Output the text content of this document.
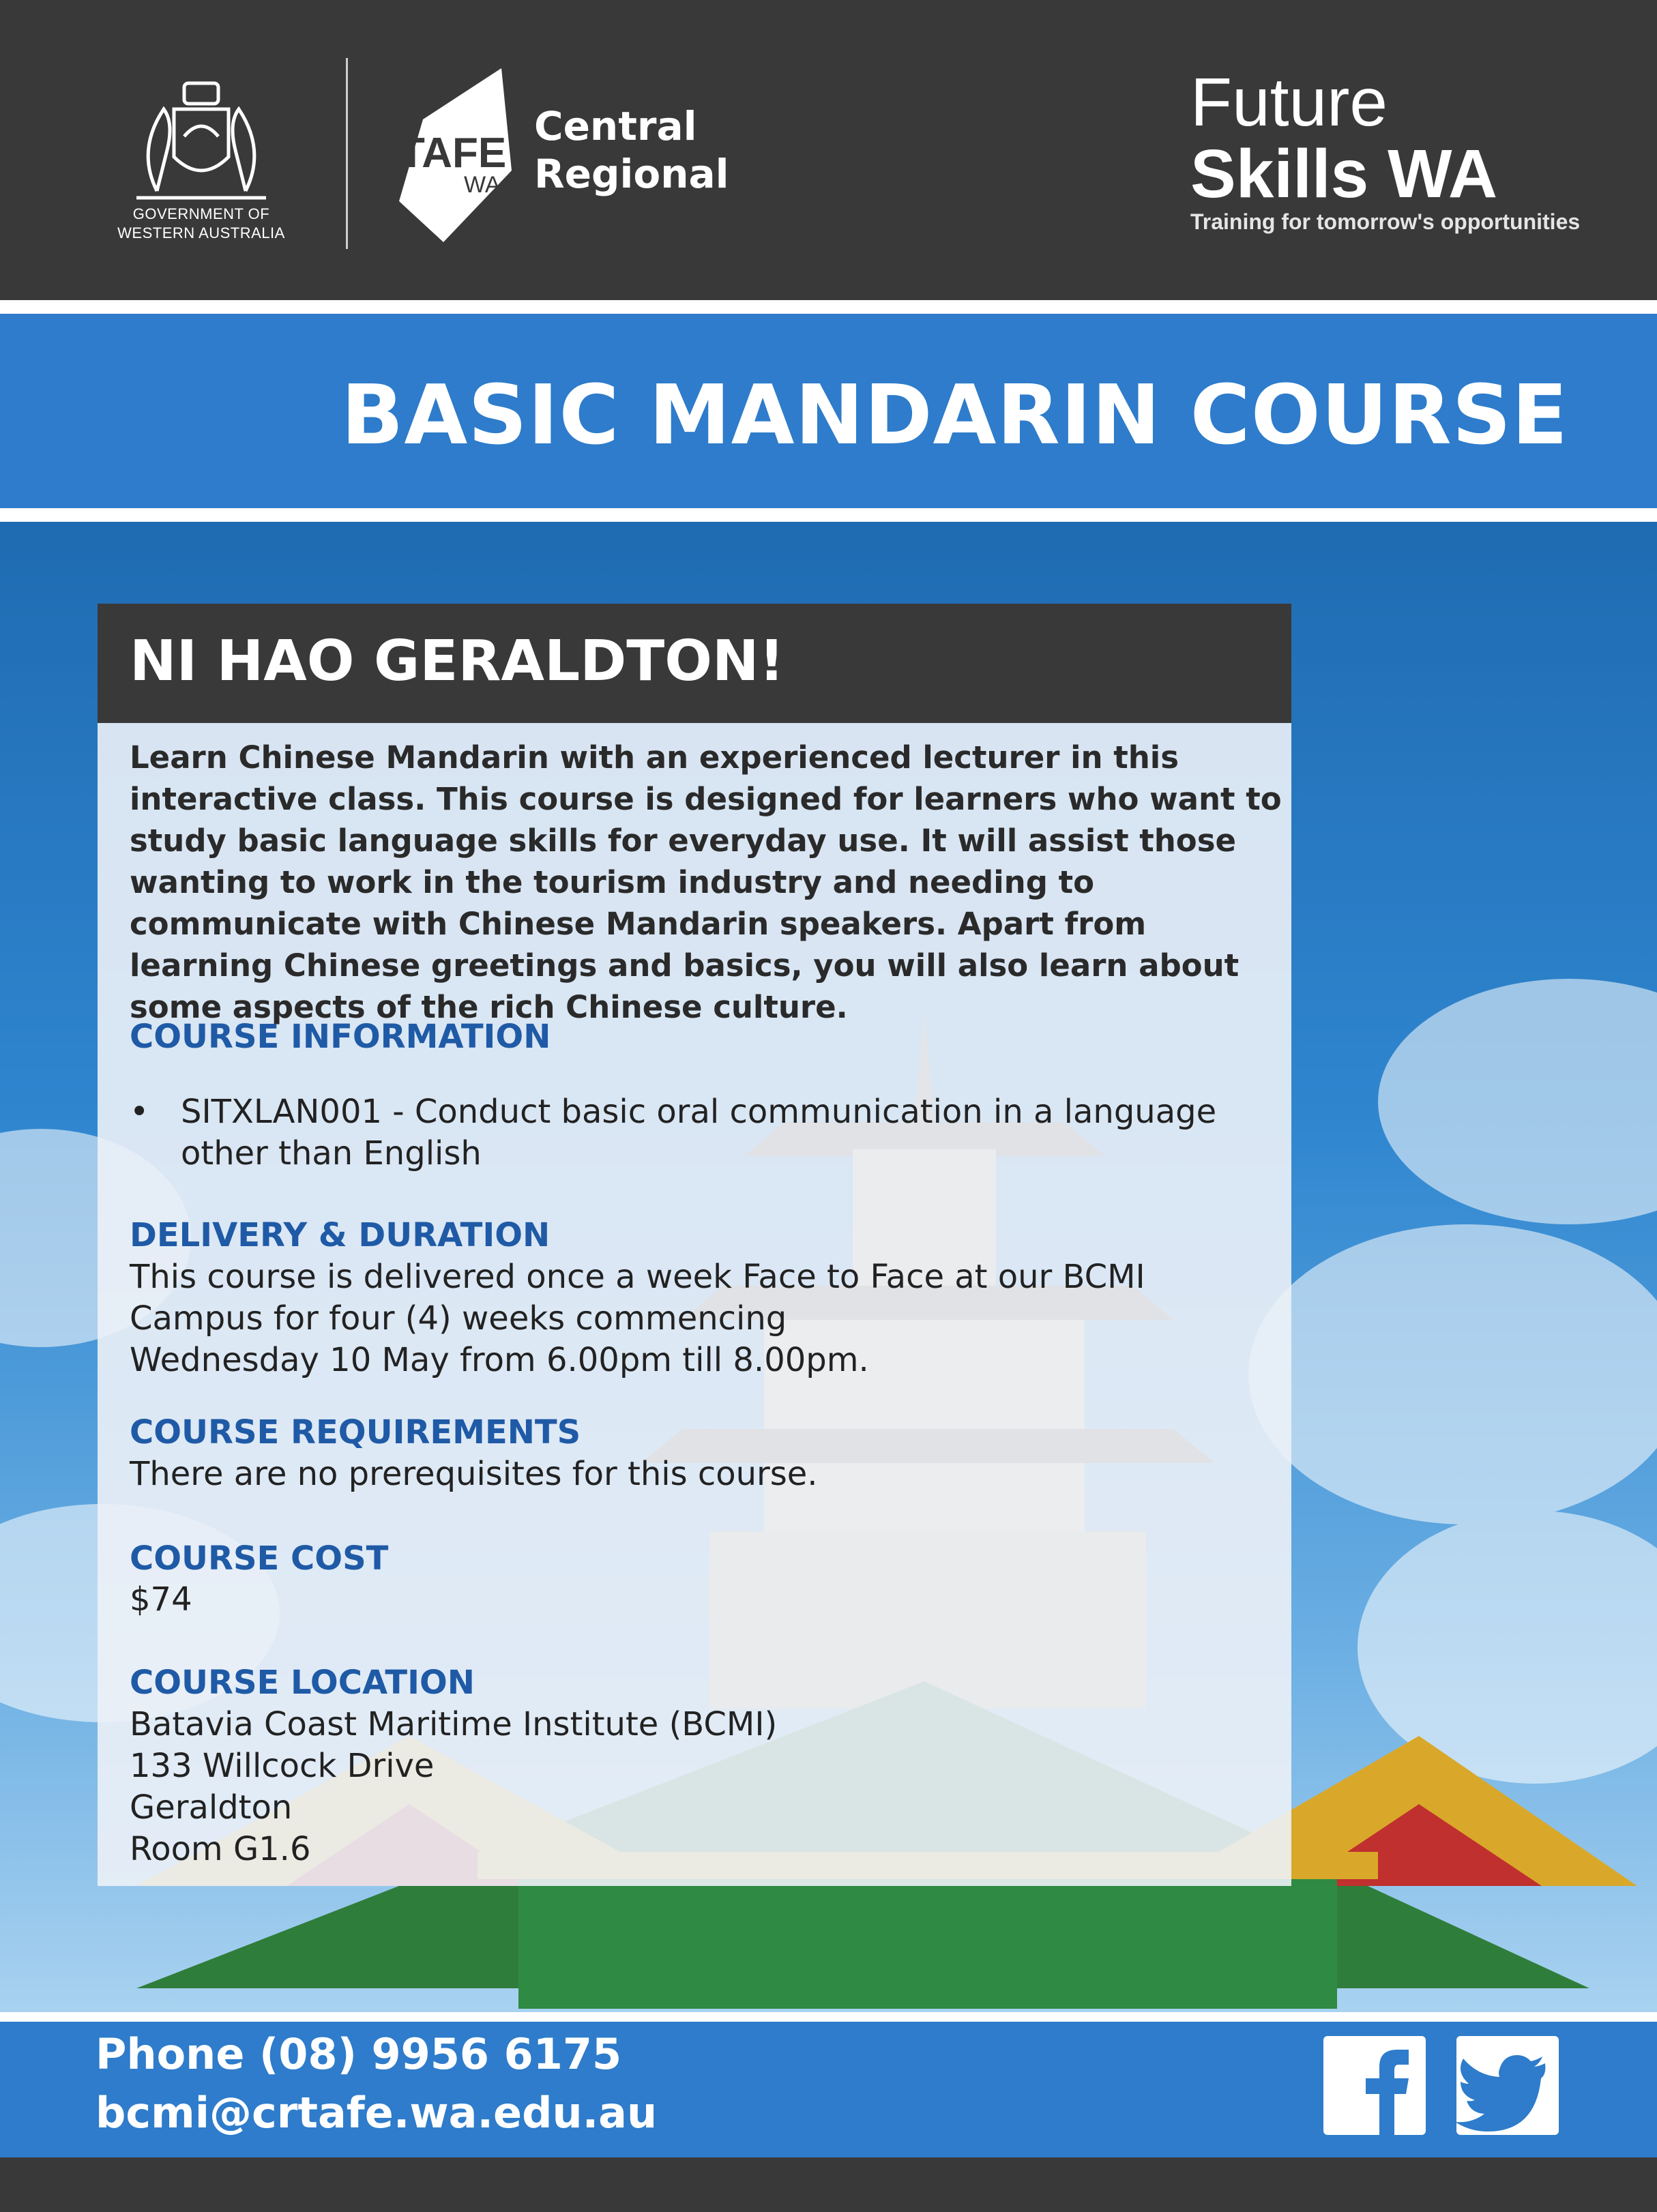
GOVERNMENT OF
WESTERN AUSTRALIA
TAFE
WA
Central
Regional
Future
Skills WA
Training for tomorrow's opportunities
BASIC MANDARIN COURSE
NI HAO GERALDTON!
Learn Chinese Mandarin with an experienced lecturer in this interactive class. This course is designed for learners who want to study basic language skills for everyday use. It will assist those wanting to work in the tourism industry and needing to communicate with Chinese Mandarin speakers. Apart from learning Chinese greetings and basics, you will also learn about some aspects of the rich Chinese culture.
COURSE INFORMATION
• SITXLAN001 - Conduct basic oral communication in a language
other than English
DELIVERY & DURATION
This course is delivered once a week Face to Face at our BCMI
Campus for four (4) weeks commencing
Wednesday 10 May from 6.00pm till 8.00pm.
COURSE REQUIREMENTS
There are no prerequisites for this course.
COURSE COST
$74
COURSE LOCATION
Batavia Coast Maritime Institute (BCMI)
133 Willcock Drive
Geraldton
Room G1.6
Phone (08) 9956 6175
bcmi@crtafe.wa.edu.au
